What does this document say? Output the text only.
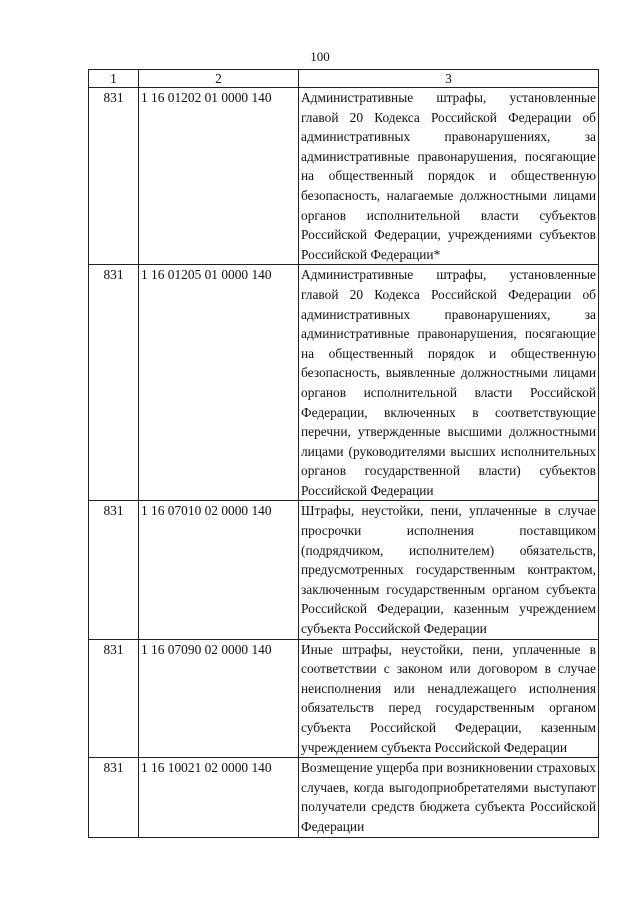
100
1	2	3
831	1 16 01202 01 0000 140	Административные штрафы, установленные главой 20 Кодекса Российской Федерации об административных правонарушениях, за административные правонарушения, посягающие на общественный порядок и общественную безопасность, налагаемые должностными лицами органов исполнительной власти субъектов Российской Федерации, учреждениями субъектов Российской Федерации*
831	1 16 01205 01 0000 140	Административные штрафы, установленные главой 20 Кодекса Российской Федерации об административных правонарушениях, за административные правонарушения, посягающие на общественный порядок и общественную безопасность, выявленные должностными лицами органов исполнительной власти Российской Федерации, включенных в соответствующие перечни, утвержденные высшими должностными лицами (руководителями высших исполнительных органов государственной власти) субъектов Российской Федерации
831	1 16 07010 02 0000 140	Штрафы, неустойки, пени, уплаченные в случае просрочки исполнения поставщиком (подрядчиком, исполнителем) обязательств, предусмотренных государственным контрактом, заключенным государственным органом субъекта Российской Федерации, казенным учреждением субъекта Российской Федерации
831	1 16 07090 02 0000 140	Иные штрафы, неустойки, пени, уплаченные в соответствии с законом или договором в случае неисполнения или ненадлежащего исполнения обязательств перед государственным органом субъекта Российской Федерации, казенным учреждением субъекта Российской Федерации
831	1 16 10021 02 0000 140	Возмещение ущерба при возникновении страховых случаев, когда выгодоприобретателями выступают получатели средств бюджета субъекта Российской Федерации
